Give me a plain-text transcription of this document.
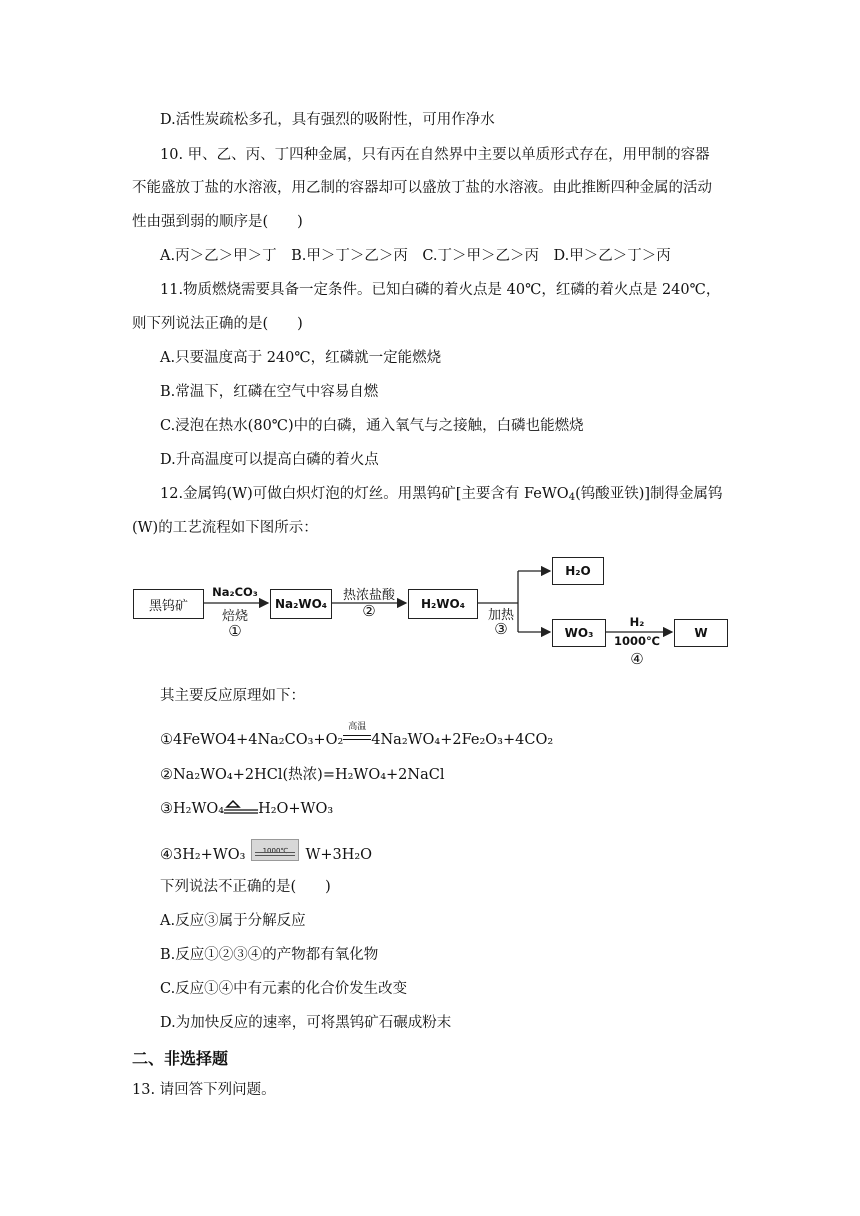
D.活性炭疏松多孔，具有强烈的吸附性，可用作净水
10. 甲、乙、丙、丁四种金属，只有丙在自然界中主要以单质形式存在，用甲制的容器
不能盛放丁盐的水溶液，用乙制的容器却可以盛放丁盐的水溶液。由此推断四种金属的活动
性由强到弱的顺序是(　　)
A.丙＞乙＞甲＞丁　B.甲＞丁＞乙＞丙　C.丁＞甲＞乙＞丙　D.甲＞乙＞丁＞丙
11.物质燃烧需要具备一定条件。已知白磷的着火点是 40℃，红磷的着火点是 240℃，
则下列说法正确的是(　　)
A.只要温度高于 240℃，红磷就一定能燃烧
B.常温下，红磷在空气中容易自燃
C.浸泡在热水(80℃)中的白磷，通入氧气与之接触，白磷也能燃烧
D.升高温度可以提高白磷的着火点
12.金属钨(W)可做白炽灯泡的灯丝。用黑钨矿[主要含有 FeWO$_4$(钨酸亚铁)]制得金属钨
(W)的工艺流程如下图所示：
黑钨矿	Na₂WO₄	H₂WO₄
H₂O
WO₃	W
Na₂CO₃
焙烧
①
热浓盐酸
②	加热
③	H₂
1000℃
④
其主要反应原理如下：
①4FeWO4+4Na₂CO₃+O₂
高温
4Na₂WO₄+2Fe₂O₃+4CO₂
②Na₂WO₄+2HCl(热浓)=H₂WO₄+2NaCl
③H₂WO₄ H₂O+WO₃
④3H₂+WO₃	1000℃	W+3H₂O
下列说法不正确的是(　　)
A.反应③属于分解反应
B.反应①②③④的产物都有氧化物
C.反应①④中有元素的化合价发生改变
D.为加快反应的速率，可将黑钨矿石碾成粉末
二、非选择题
13. 请回答下列问题。
